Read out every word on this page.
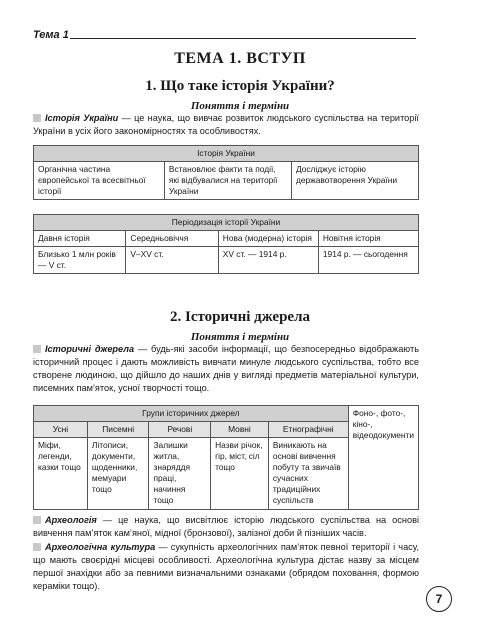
Тема 1
ТЕМА 1. ВСТУП
1. Що таке історія України?
Поняття і терміни
Історія України — це наука, що вивчає розвиток людського суспільства на території України в усіх його закономірностях та особливостях.
Історія України
Органічна частина європейської та всесвітньої історії	Встановлює факти та події, які відбувалися на території України	Досліджує історію державотворення України
Періодизація історії України			
Давня історія	Середньовіччя	Нова (модерна) історія	Новітня історія
Близько 1 млн років — V ст.	V–XV ст.	XV ст. — 1914 р.	1914 р. — сьогодення
2. Історичні джерела
Поняття і терміни
Історичні джерела — будь-які засоби інформації, що безпосередньо відображають історичний процес і дають можливість вивчати минуле людського суспільства, тобто все створене людиною, що дійшло до наших днів у вигляді предметів матеріальної культури, писемних пам’яток, усної творчості тощо.
Групи історичних джерел					Фоно-, фото-, кіно-, відеодокументи
Усні	Писемні	Речові	Мовні	Етнографічні	
Міфи, легенди, казки тощо	Літописи, документи, щоденники, мемуари тощо	Залишки житла, знаряддя праці, начиння тощо	Назви річок, гір, міст, сіл тощо	Виникають на основі вивчення побуту та звичаїв сучасних традиційних суспільств	
Археологія — це наука, що висвітлює історію людського суспільства на основі вивчення пам’яток кам’яної, мідної (бронзової), залізної доби й пізніших часів.
Археологічна культура — сукупність археологічних пам’яток певної території і часу, що мають своєрідні місцеві особливості. Археологічна культура дістає назву за місцем першої знахідки або за певними визначальними ознаками (обрядом поховання, формою кераміки тощо).
7
